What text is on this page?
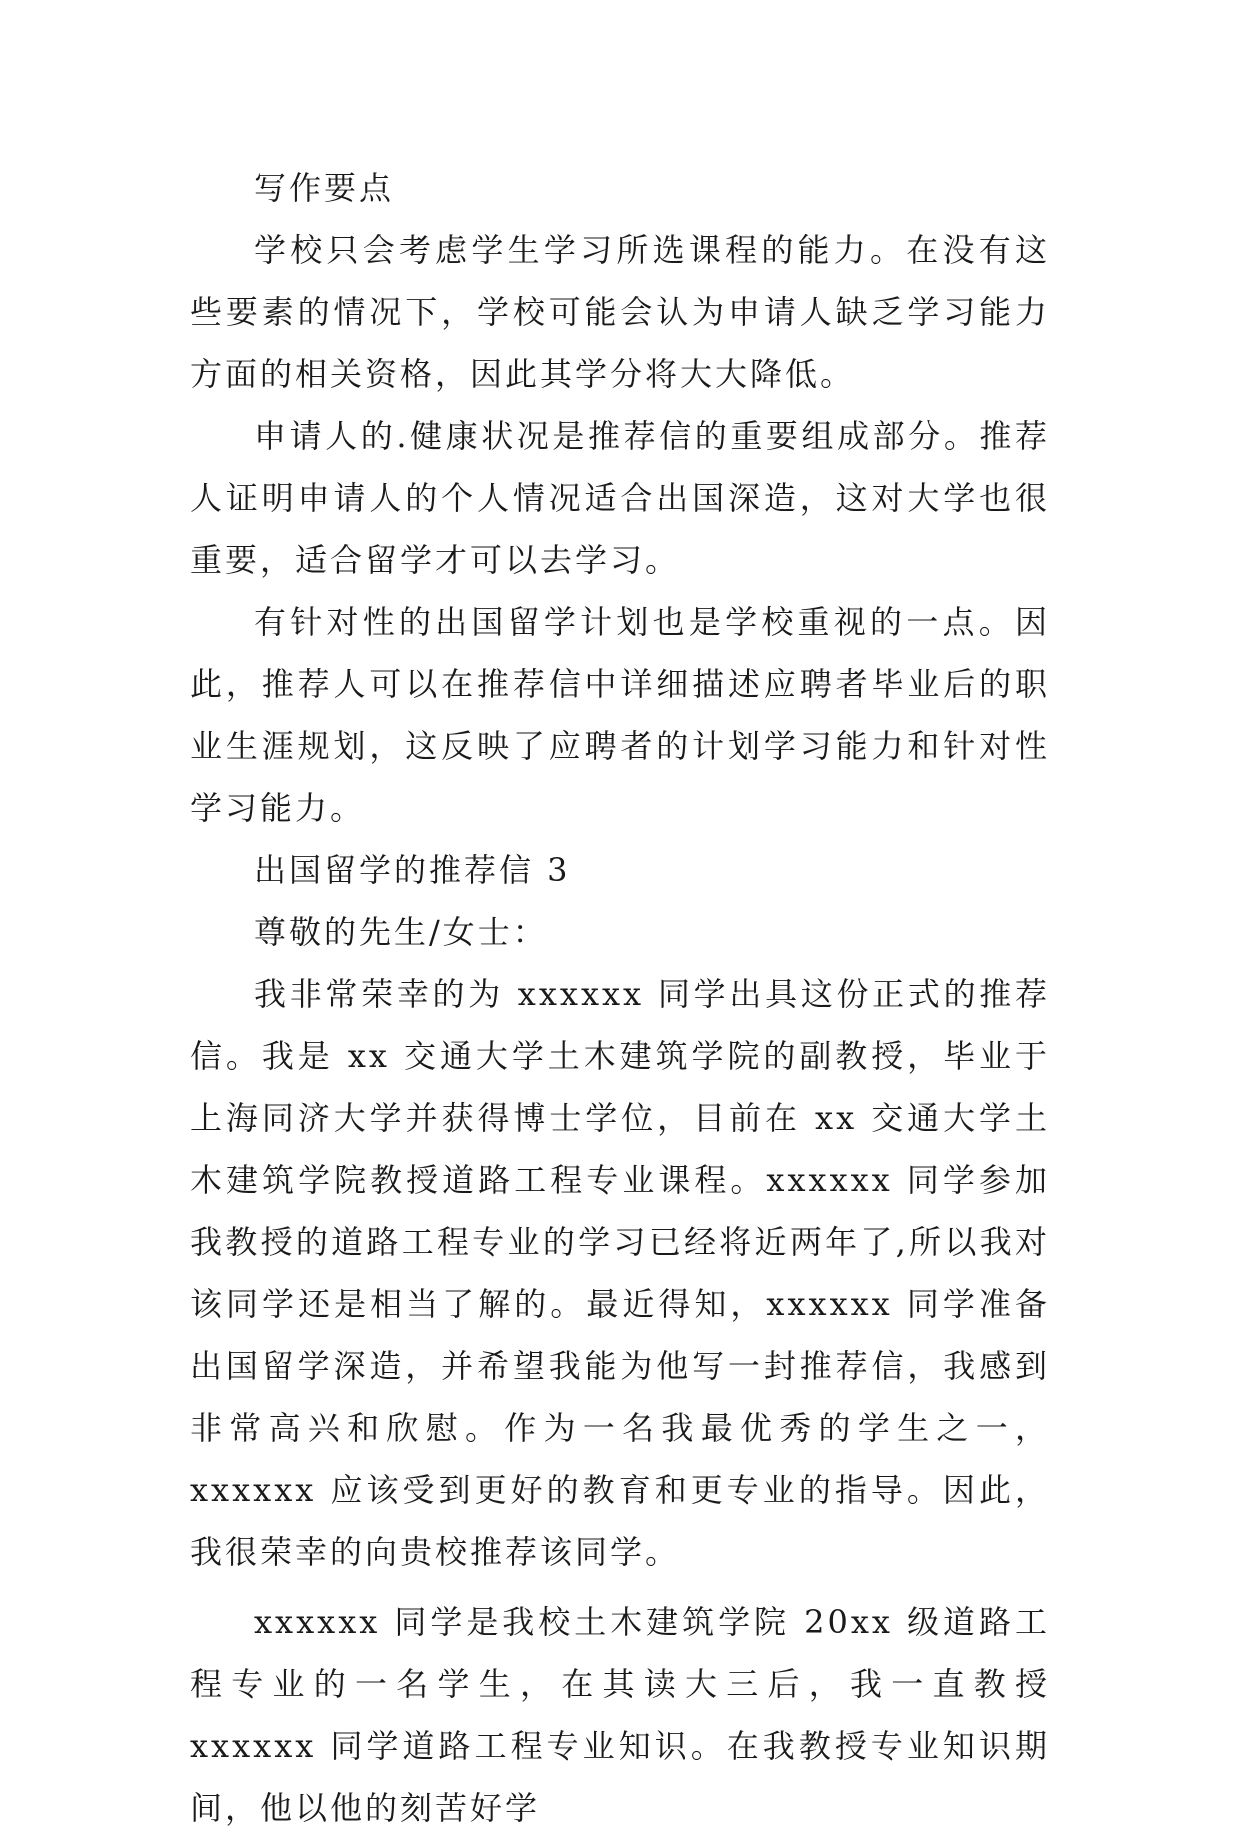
写作要点

学校只会考虑学生学习所选课程的能力。在没有这些要素的情况下，学校可能会认为申请人缺乏学习能力方面的相关资格，因此其学分将大大降低。

申请人的.健康状况是推荐信的重要组成部分。推荐人证明申请人的个人情况适合出国深造，这对大学也很重要，适合留学才可以去学习。

有针对性的出国留学计划也是学校重视的一点。因此，推荐人可以在推荐信中详细描述应聘者毕业后的职业生涯规划，这反映了应聘者的计划学习能力和针对性学习能力。

出国留学的推荐信 3

尊敬的先生/女士：

我非常荣幸的为 xxxxxx 同学出具这份正式的推荐信。我是 xx 交通大学土木建筑学院的副教授，毕业于上海同济大学并获得博士学位，目前在 xx 交通大学土木建筑学院教授道路工程专业课程。xxxxxx 同学参加我教授的道路工程专业的学习已经将近两年了,所以我对该同学还是相当了解的。最近得知，xxxxxx 同学准备出国留学深造，并希望我能为他写一封推荐信，我感到非常高兴和欣慰。作为一名我最优秀的学生之一，xxxxxx 应该受到更好的教育和更专业的指导。因此，我很荣幸的向贵校推荐该同学。

xxxxxx 同学是我校土木建筑学院 20xx 级道路工程专业的一名学生，在其读大三后，我一直教授 xxxxxx 同学道路工程专业知识。在我教授专业知识期间，他以他的刻苦好学
